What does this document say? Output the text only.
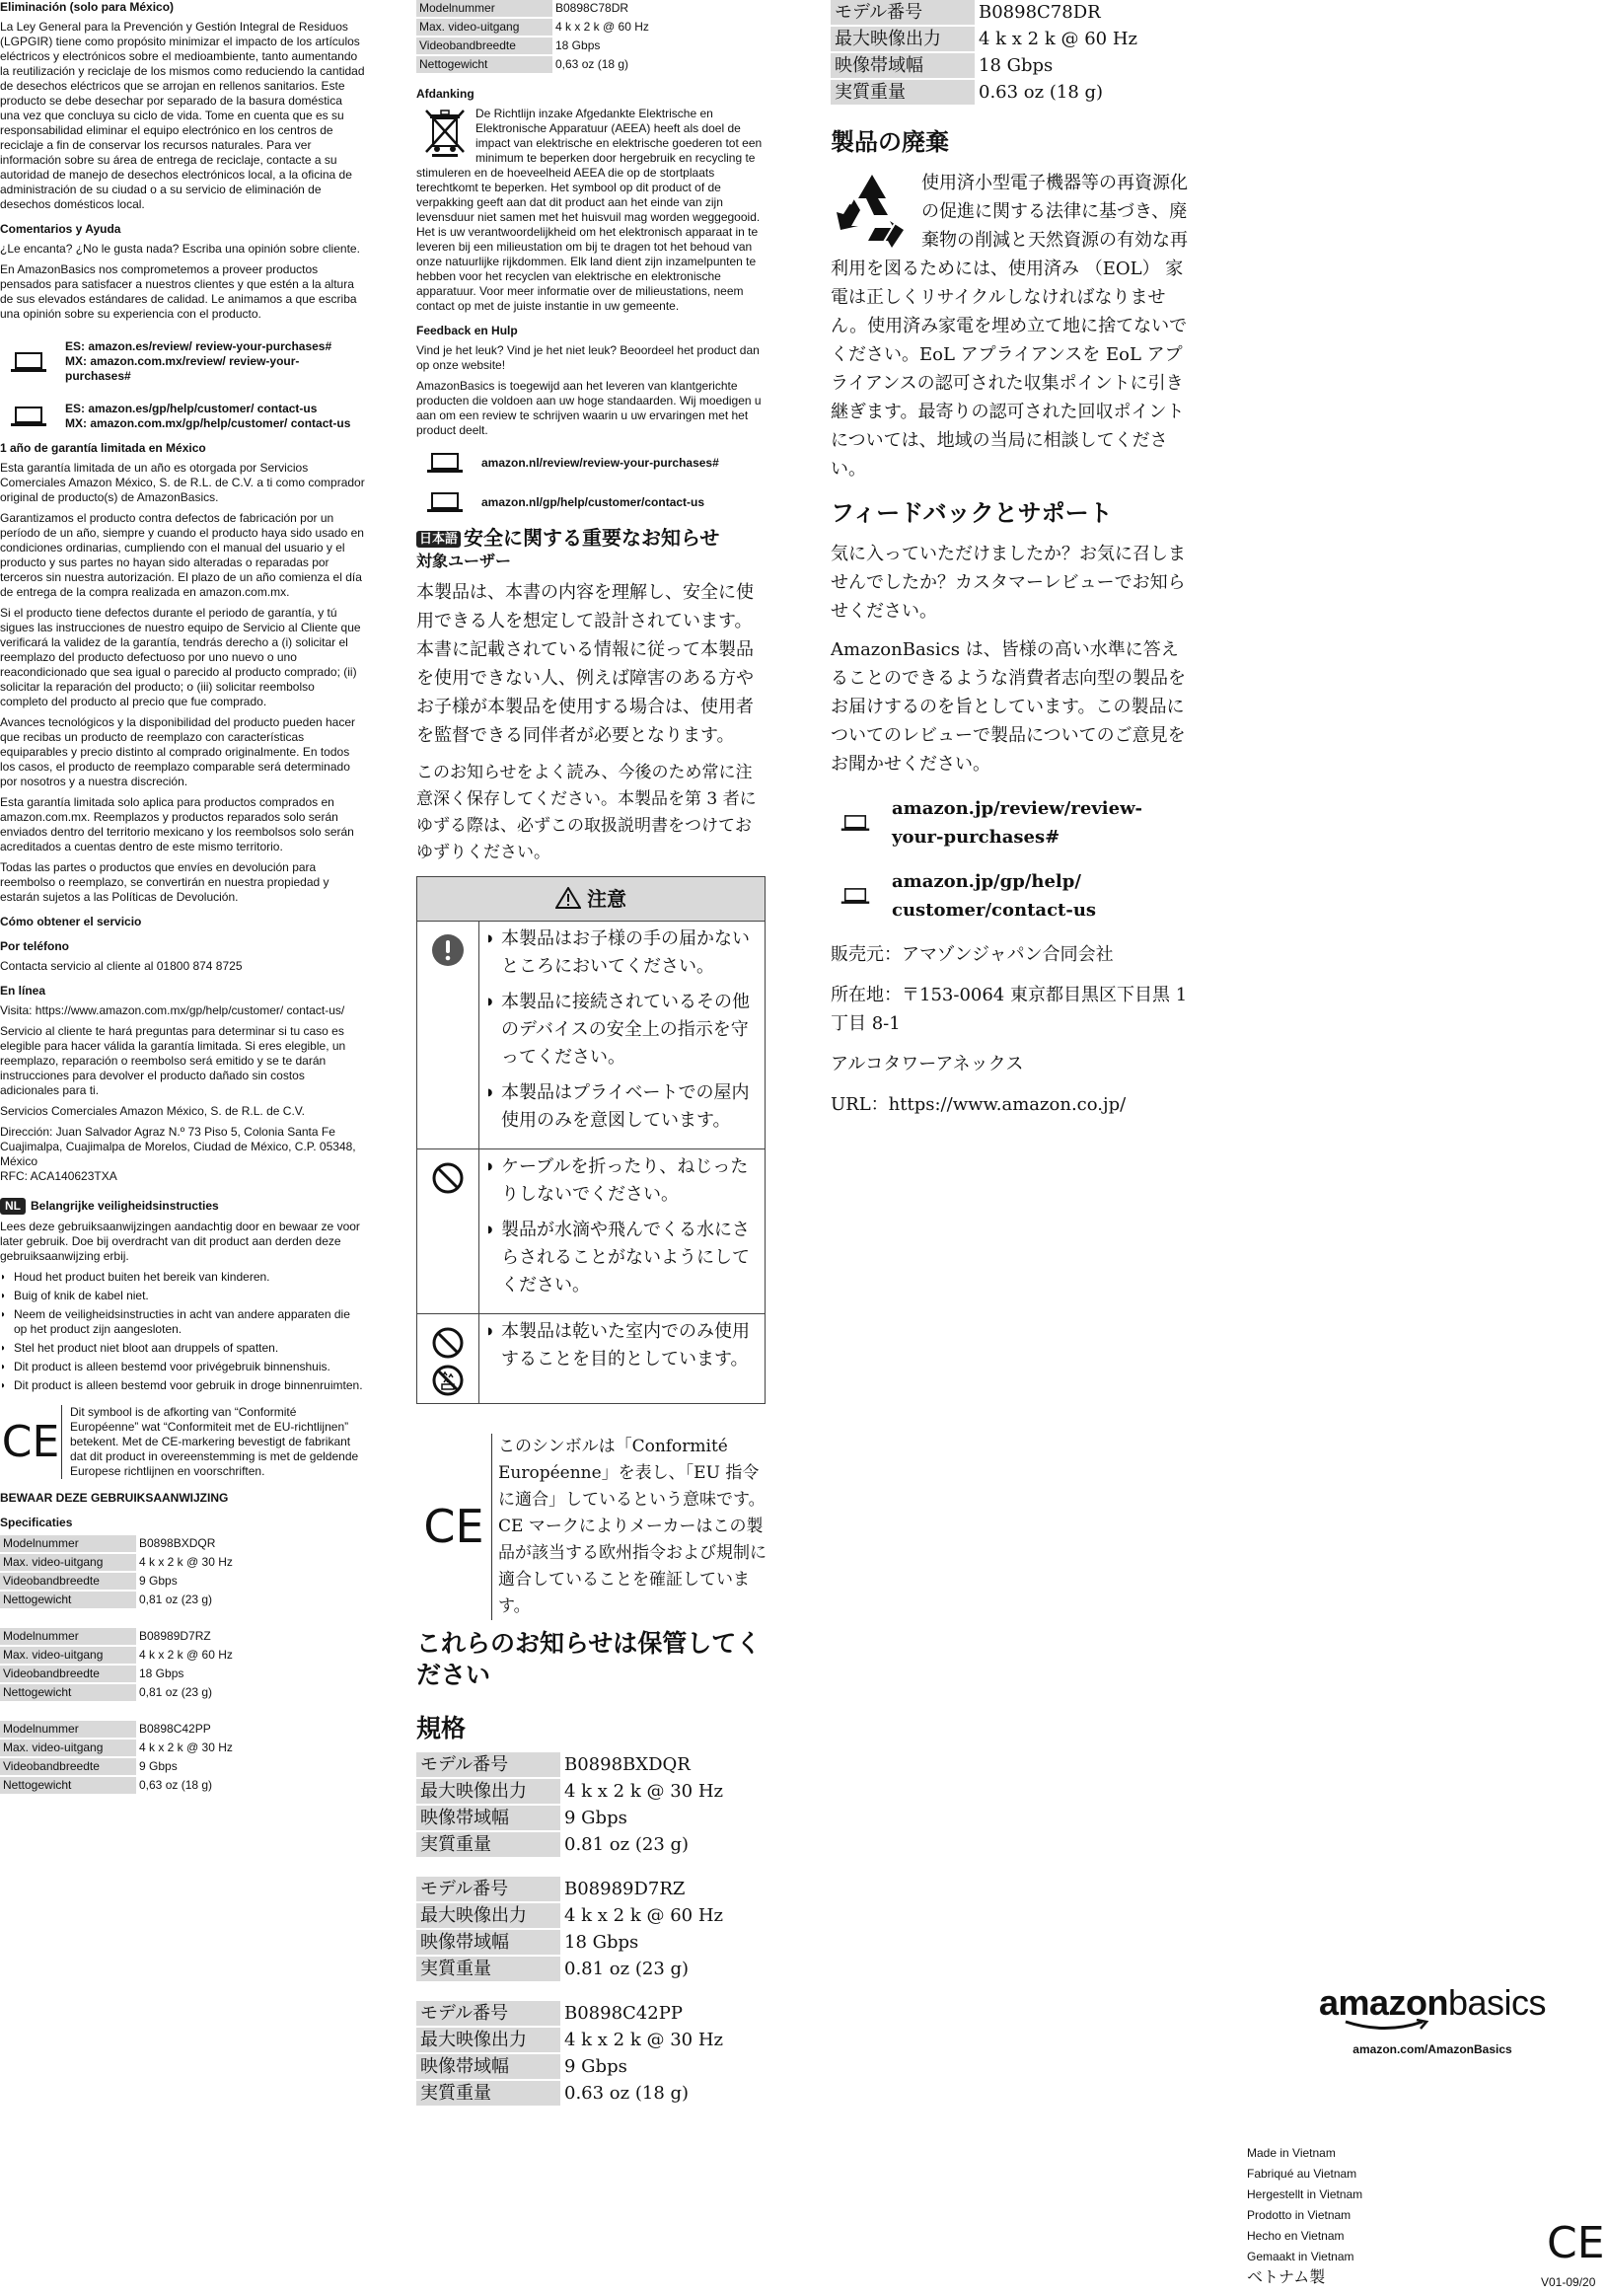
Eliminación (solo para México)

La Ley General para la Prevención y Gestión Integral de Residuos (LGPGIR) tiene como propósito minimizar el impacto de los artículos eléctricos y electrónicos sobre el medioambiente, tanto aumentando la reutilización y reciclaje de los mismos como reduciendo la cantidad de desechos eléctricos que se arrojan en rellenos sanitarios. Este producto se debe desechar por separado de la basura doméstica una vez que concluya su ciclo de vida. Tome en cuenta que es su responsabilidad eliminar el equipo electrónico en los centros de reciclaje a fin de conservar los recursos naturales. Para ver información sobre su área de entrega de reciclaje, contacte a su autoridad de manejo de desechos electrónicos local, a la oficina de administración de su ciudad o a su servicio de eliminación de desechos domésticos local.

Comentarios y Ayuda

¿Le encanta? ¿No le gusta nada? Escriba una opinión sobre cliente.

En AmazonBasics nos comprometemos a proveer productos pensados para satisfacer a nuestros clientes y que estén a la altura de sus elevados estándares de calidad. Le animamos a que escriba una opinión sobre su experiencia con el producto.

ES: amazon.es/review/ review-your-purchases#
MX: amazon.com.mx/review/ review-your-purchases#
ES: amazon.es/gp/help/customer/ contact-us
MX: amazon.com.mx/gp/help/customer/ contact-us
1 año de garantía limitada en México

Esta garantía limitada de un año es otorgada por Servicios Comerciales Amazon México, S. de R.L. de C.V. a ti como comprador original de producto(s) de AmazonBasics.

Garantizamos el producto contra defectos de fabricación por un período de un año, siempre y cuando el producto haya sido usado en condiciones ordinarias, cumpliendo con el manual del usuario y el producto y sus partes no hayan sido alteradas o reparadas por terceros sin nuestra autorización. El plazo de un año comienza el día de entrega de la compra realizada en amazon.com.mx.

Si el producto tiene defectos durante el periodo de garantía, y tú sigues las instrucciones de nuestro equipo de Servicio al Cliente que verificará la validez de la garantía, tendrás derecho a (i) solicitar el reemplazo del producto defectuoso por uno nuevo o uno reacondicionado que sea igual o parecido al producto comprado; (ii) solicitar la reparación del producto; o (iii) solicitar reembolso completo del producto al precio que fue comprado.

Avances tecnológicos y la disponibilidad del producto pueden hacer que recibas un producto de reemplazo con características equiparables y precio distinto al comprado originalmente. En todos los casos, el producto de reemplazo comparable será determinado por nosotros y a nuestra discreción.

Esta garantía limitada solo aplica para productos comprados en amazon.com.mx. Reemplazos y productos reparados solo serán enviados dentro del territorio mexicano y los reembolsos solo serán acreditados a cuentas dentro de este mismo territorio.

Todas las partes o productos que envíes en devolución para reembolso o reemplazo, se convertirán en nuestra propiedad y estarán sujetos a las Políticas de Devolución.

Cómo obtener el servicio
Por teléfono

Contacta servicio al cliente al 01800 874 8725

En línea

Visita: https://www.amazon.com.mx/gp/help/customer/ contact-us/

Servicio al cliente te hará preguntas para determinar si tu caso es elegible para hacer válida la garantía limitada. Si eres elegible, un reemplazo, reparación o reembolso será emitido y se te darán instrucciones para devolver el producto dañado sin costos adicionales para ti.

Servicios Comerciales Amazon México, S. de R.L. de C.V.

Dirección: Juan Salvador Agraz N.º 73 Piso 5, Colonia Santa Fe Cuajimalpa, Cuajimalpa de Morelos, Ciudad de México, C.P. 05348, México

RFC: ACA140623TXA

NL Belangrijke veiligheidsinstructies

Lees deze gebruiksaanwijzingen aandachtig door en bewaar ze voor later gebruik. Doe bij overdracht van dit product aan derden deze gebruiksaanwijzing erbij.

◗ Houd het product buiten het bereik van kinderen.
◗ Buig of knik de kabel niet.
◗ Neem de veiligheidsinstructies in acht van andere apparaten die op het product zijn aangesloten.
◗ Stel het product niet bloot aan druppels of spatten.
◗ Dit product is alleen bestemd voor privégebruik binnenshuis.
◗ Dit product is alleen bestemd voor gebruik in droge binnenruimten.
CE
Dit symbool is de afkorting van “Conformité Européenne” wat “Conformiteit met de EU-richtlijnen” betekent. Met de CE-markering bevestigt de fabrikant dat dit product in overeenstemming is met de geldende Europese richtlijnen en voorschriften.
BEWAAR DEZE GEBRUIKSAANWIJZING
Specificaties
Modelnummer	B0898BXDQR
Max. video-uitgang	4 k x 2 k @ 30 Hz
Videobandbreedte	9 Gbps
Nettogewicht	0,81 oz (23 g)
Modelnummer	B08989D7RZ
Max. video-uitgang	4 k x 2 k @ 60 Hz
Videobandbreedte	18 Gbps
Nettogewicht	0,81 oz (23 g)
Modelnummer	B0898C42PP
Max. video-uitgang	4 k x 2 k @ 30 Hz
Videobandbreedte	9 Gbps
Nettogewicht	0,63 oz (18 g)
Modelnummer	B0898C78DR
Max. video-uitgang	4 k x 2 k @ 60 Hz
Videobandbreedte	18 Gbps
Nettogewicht	0,63 oz (18 g)
Afdanking

De Richtlijn inzake Afgedankte Elektrische en Elektronische Apparatuur (AEEA) heeft als doel de impact van elektrische en elektrische goederen tot een minimum te beperken door hergebruik en recycling te stimuleren en de hoeveelheid AEEA die op de stortplaats terechtkomt te beperken. Het symbool op dit product of de verpakking geeft aan dat dit product aan het einde van zijn levensduur niet samen met het huisvuil mag worden weggegooid. Het is uw verantwoordelijkheid om het elektronisch apparaat in te leveren bij een milieustation om bij te dragen tot het behoud van onze natuurlijke rijkdommen. Elk land dient zijn inzamelpunten te hebben voor het recyclen van elektrische en elektronische apparatuur. Voor meer informatie over de milieustations, neem contact op met de juiste instantie in uw gemeente.

Feedback en Hulp

Vind je het leuk? Vind je het niet leuk? Beoordeel het product dan op onze website!

AmazonBasics is toegewijd aan het leveren van klantgerichte producten die voldoen aan uw hoge standaarden. Wij moedigen u aan om een review te schrijven waarin u uw ervaringen met het product deelt.

amazon.nl/review/review-your-purchases#
amazon.nl/gp/help/customer/contact-us
日本語 安全に関する重要なお知らせ
対象ユーザー

本製品は、本書の内容を理解し、安全に使用できる人を想定して設計されています。本書に記載されている情報に従って本製品を使用できない人、例えば障害のある方やお子様が本製品を使用する場合は、使用者を監督できる同伴者が必要となります。

このお知らせをよく読み、今後のため常に注意深く保存してください。本製品を第 3 者にゆずる際は、必ずこの取扱説明書をつけておゆずりください。

注意
◗ 本製品はお子様の手の届かないところにおいてください。
◗ 本製品に接続されているその他のデバイスの安全上の指示を守ってください。
◗ 本製品はプライベートでの屋内使用のみを意図しています。
◗ ケーブルを折ったり、ねじったりしないでください。
◗ 製品が水滴や飛んでくる水にさらされることがないようにしてください。
◗ 本製品は乾いた室内でのみ使用することを目的としています。
CE
このシンボルは「Conformité Européenne」を表し、「EU 指令に適合」しているという意味です。CE マークによりメーカーはこの製品が該当する欧州指令および規制に適合していることを確証しています。
これらのお知らせは保管してください
規格
モデル番号	B0898BXDQR
最大映像出力	4 k x 2 k @ 30 Hz
映像帯域幅	9 Gbps
実質重量	0.81 oz (23 g)
モデル番号	B08989D7RZ
最大映像出力	4 k x 2 k @ 60 Hz
映像帯域幅	18 Gbps
実質重量	0.81 oz (23 g)
モデル番号	B0898C42PP
最大映像出力	4 k x 2 k @ 30 Hz
映像帯域幅	9 Gbps
実質重量	0.63 oz (18 g)
モデル番号	B0898C78DR
最大映像出力	4 k x 2 k @ 60 Hz
映像帯域幅	18 Gbps
実質重量	0.63 oz (18 g)
製品の廃棄

使用済小型電子機器等の再資源化の促進に関する法律に基づき、廃棄物の削減と天然資源の有効な再利用を図るためには、使用済み （EOL） 家電は正しくリサイクルしなければなりません。使用済み家電を埋め立て地に捨てないでください。EoL アプライアンスを EoL アプライアンスの認可された収集ポイントに引き継ぎます。最寄りの認可された回収ポイントについては、地域の当局に相談してください。

フィードバックとサポート

気に入っていただけましたか？お気に召しませんでしたか？カスタマーレビューでお知らせください。

AmazonBasics は、皆様の高い水準に答えることのできるような消費者志向型の製品をお届けするのを旨としています。この製品についてのレビューで製品についてのご意見をお聞かせください。

amazon.jp/review/review-your-purchases#
amazon.jp/gp/help/ customer/contact-us

販売元：アマゾンジャパン合同会社

所在地：〒153-0064 東京都目黒区下目黒 1 丁目 8-1

アルコタワーアネックス

URL：https://www.amazon.co.jp/

amazonbasics
amazon.com/AmazonBasics
Made in Vietnam
Fabriqué au Vietnam
Hergestellt in Vietnam
Prodotto in Vietnam
Hecho en Vietnam
Gemaakt in Vietnam
ベトナム製
CE
V01-09/20
